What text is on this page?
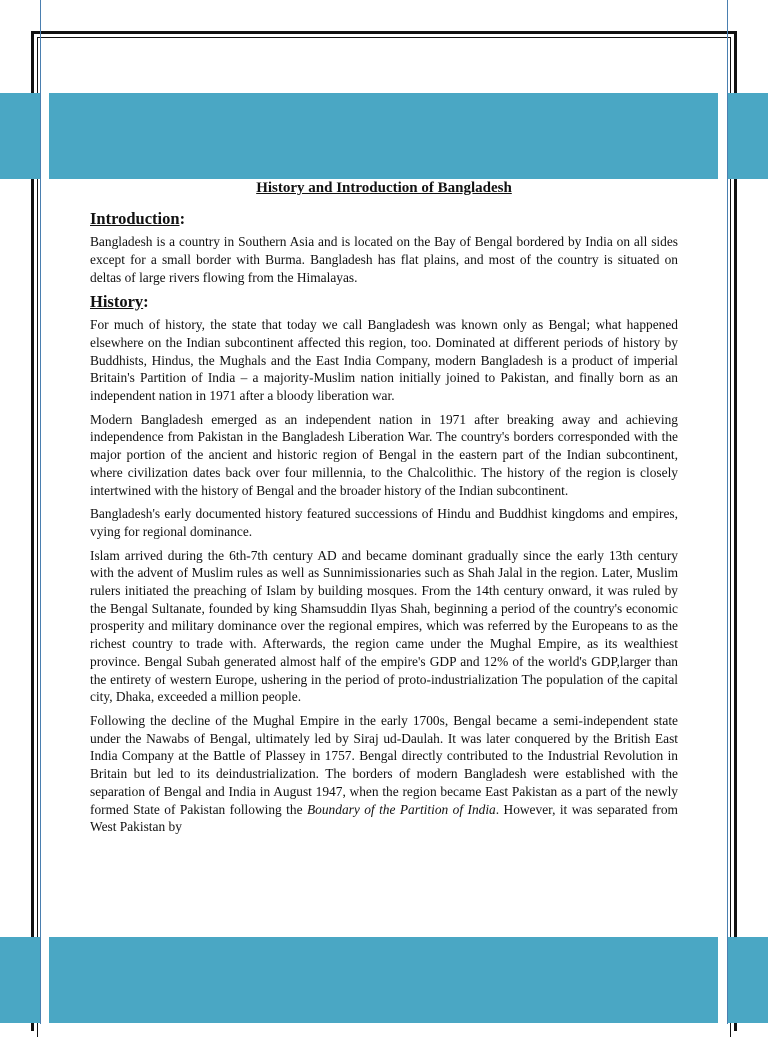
History and Introduction of Bangladesh
Introduction:

Bangladesh is a country in Southern Asia and is located on the Bay of Bengal bordered by India on all sides except for a small border with Burma. Bangladesh has flat plains, and most of the country is situated on deltas of large rivers flowing from the Himalayas.

History:

For much of history, the state that today we call Bangladesh was known only as Bengal; what happened elsewhere on the Indian subcontinent affected this region, too. Dominated at different periods of history by Buddhists, Hindus, the Mughals and the East India Company, modern Bangladesh is a product of imperial Britain's Partition of India – a majority-Muslim nation initially joined to Pakistan, and finally born as an independent nation in 1971 after a bloody liberation war.

Modern Bangladesh emerged as an independent nation in 1971 after breaking away and achieving independence from Pakistan in the Bangladesh Liberation War. The country's borders corresponded with the major portion of the ancient and historic region of Bengal in the eastern part of the Indian subcontinent, where civilization dates back over four millennia, to the Chalcolithic. The history of the region is closely intertwined with the history of Bengal and the broader history of the Indian subcontinent.

Bangladesh's early documented history featured successions of Hindu and Buddhist kingdoms and empires, vying for regional dominance.

Islam arrived during the 6th-7th century AD and became dominant gradually since the early 13th century with the advent of Muslim rules as well as Sunnimissionaries such as Shah Jalal in the region. Later, Muslim rulers initiated the preaching of Islam by building mosques. From the 14th century onward, it was ruled by the Bengal Sultanate, founded by king Shamsuddin Ilyas Shah, beginning a period of the country's economic prosperity and military dominance over the regional empires, which was referred by the Europeans to as the richest country to trade with. Afterwards, the region came under the Mughal Empire, as its wealthiest province. Bengal Subah generated almost half of the empire's GDP and 12% of the world's GDP,larger than the entirety of western Europe, ushering in the period of proto-industrialization The population of the capital city, Dhaka, exceeded a million people.

Following the decline of the Mughal Empire in the early 1700s, Bengal became a semi-independent state under the Nawabs of Bengal, ultimately led by Siraj ud-Daulah. It was later conquered by the British East India Company at the Battle of Plassey in 1757. Bengal directly contributed to the Industrial Revolution in Britain but led to its deindustrialization. The borders of modern Bangladesh were established with the separation of Bengal and India in August 1947, when the region became East Pakistan as a part of the newly formed State of Pakistan following the Boundary of the Partition of India. However, it was separated from West Pakistan by
